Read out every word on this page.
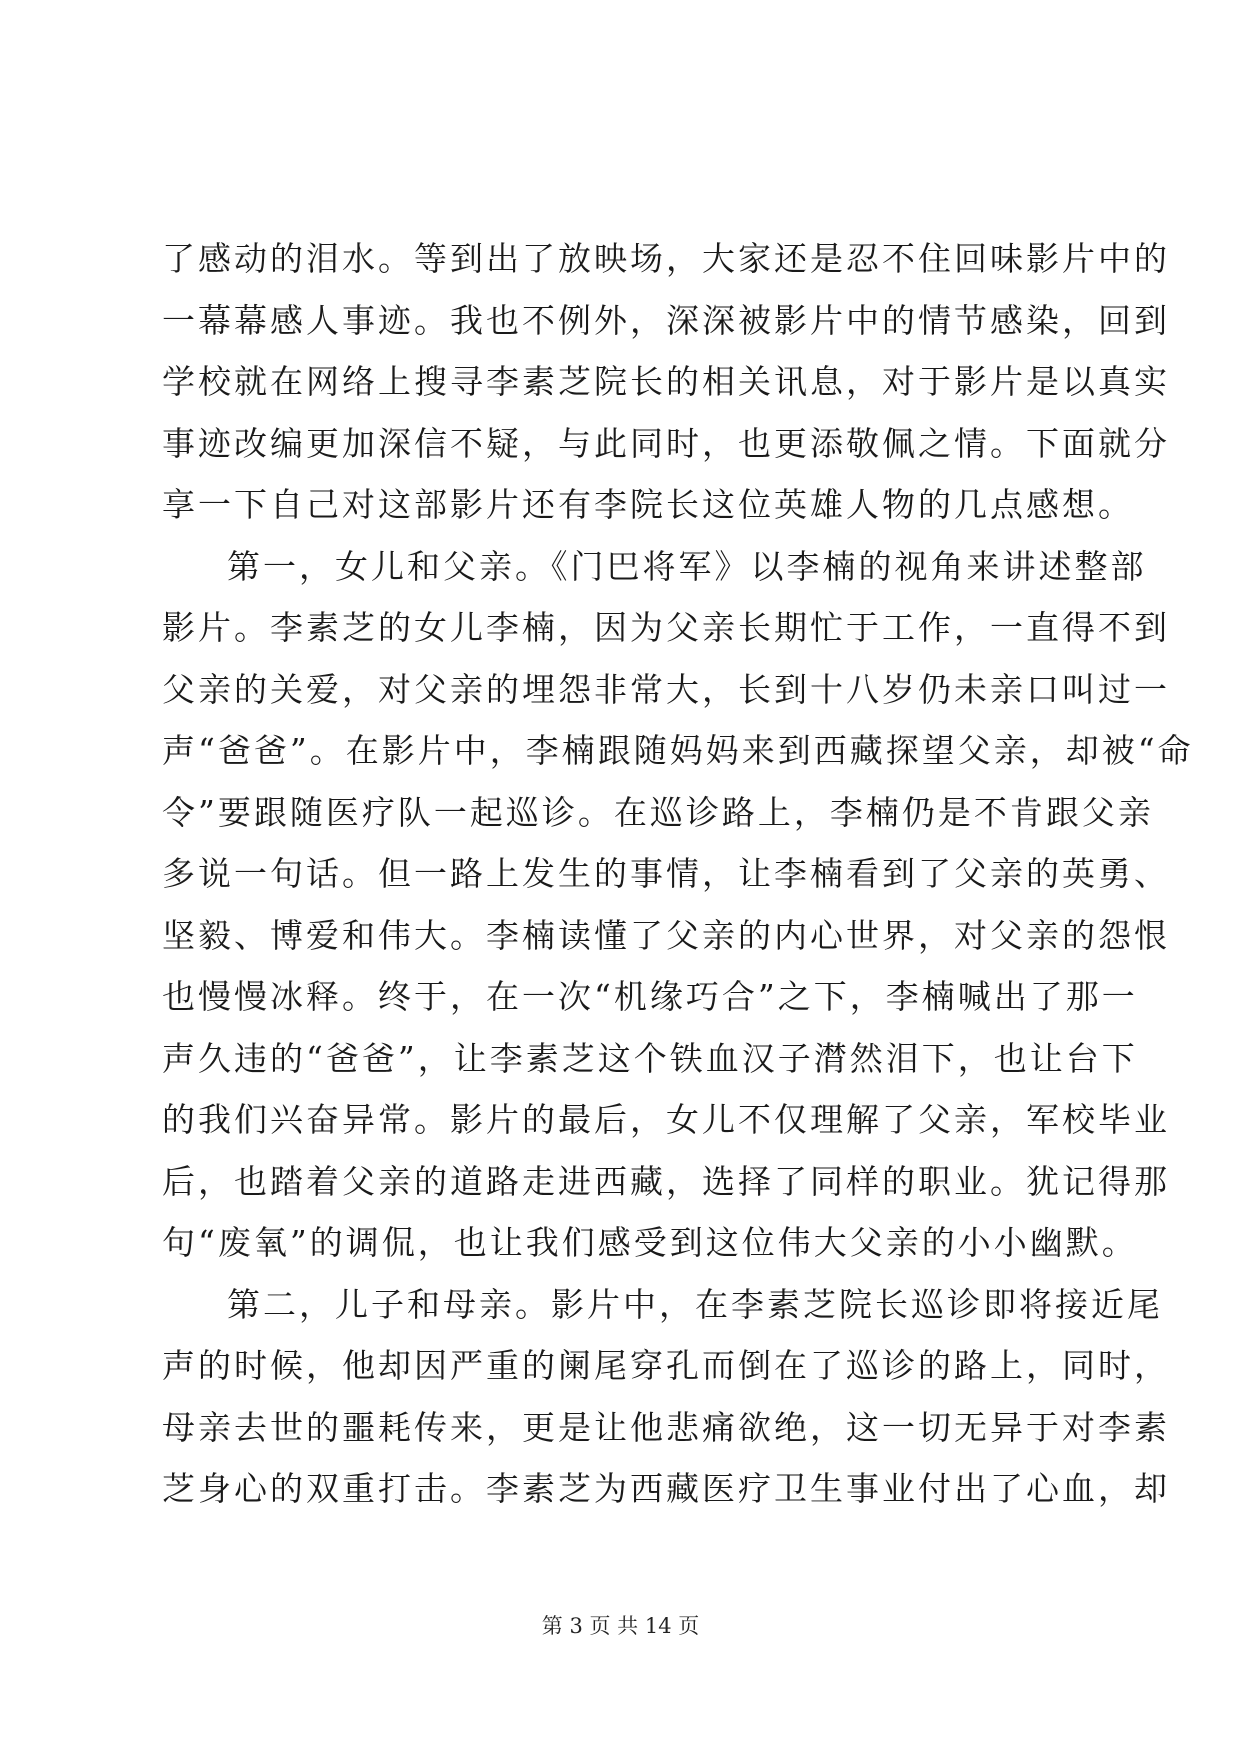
了感动的泪水。等到出了放映场，大家还是忍不住回味影片中的
一幕幕感人事迹。我也不例外，深深被影片中的情节感染，回到
学校就在网络上搜寻李素芝院长的相关讯息，对于影片是以真实
事迹改编更加深信不疑，与此同时，也更添敬佩之情。下面就分
享一下自己对这部影片还有李院长这位英雄人物的几点感想。
第一，女儿和父亲。《门巴将军》以李楠的视角来讲述整部
影片。李素芝的女儿李楠，因为父亲长期忙于工作，一直得不到
父亲的关爱，对父亲的埋怨非常大，长到十八岁仍未亲口叫过一
声“爸爸”。在影片中，李楠跟随妈妈来到西藏探望父亲，却被“命
令”要跟随医疗队一起巡诊。在巡诊路上，李楠仍是不肯跟父亲
多说一句话。但一路上发生的事情，让李楠看到了父亲的英勇、
坚毅、博爱和伟大。李楠读懂了父亲的内心世界，对父亲的怨恨
也慢慢冰释。终于，在一次“机缘巧合”之下，李楠喊出了那一
声久违的“爸爸”，让李素芝这个铁血汉子潸然泪下，也让台下
的我们兴奋异常。影片的最后，女儿不仅理解了父亲，军校毕业
后，也踏着父亲的道路走进西藏，选择了同样的职业。犹记得那
句“废氧”的调侃，也让我们感受到这位伟大父亲的小小幽默。
第二，儿子和母亲。影片中，在李素芝院长巡诊即将接近尾
声的时候，他却因严重的阑尾穿孔而倒在了巡诊的路上，同时，
母亲去世的噩耗传来，更是让他悲痛欲绝，这一切无异于对李素
芝身心的双重打击。李素芝为西藏医疗卫生事业付出了心血，却
第 3 页 共 14 页
